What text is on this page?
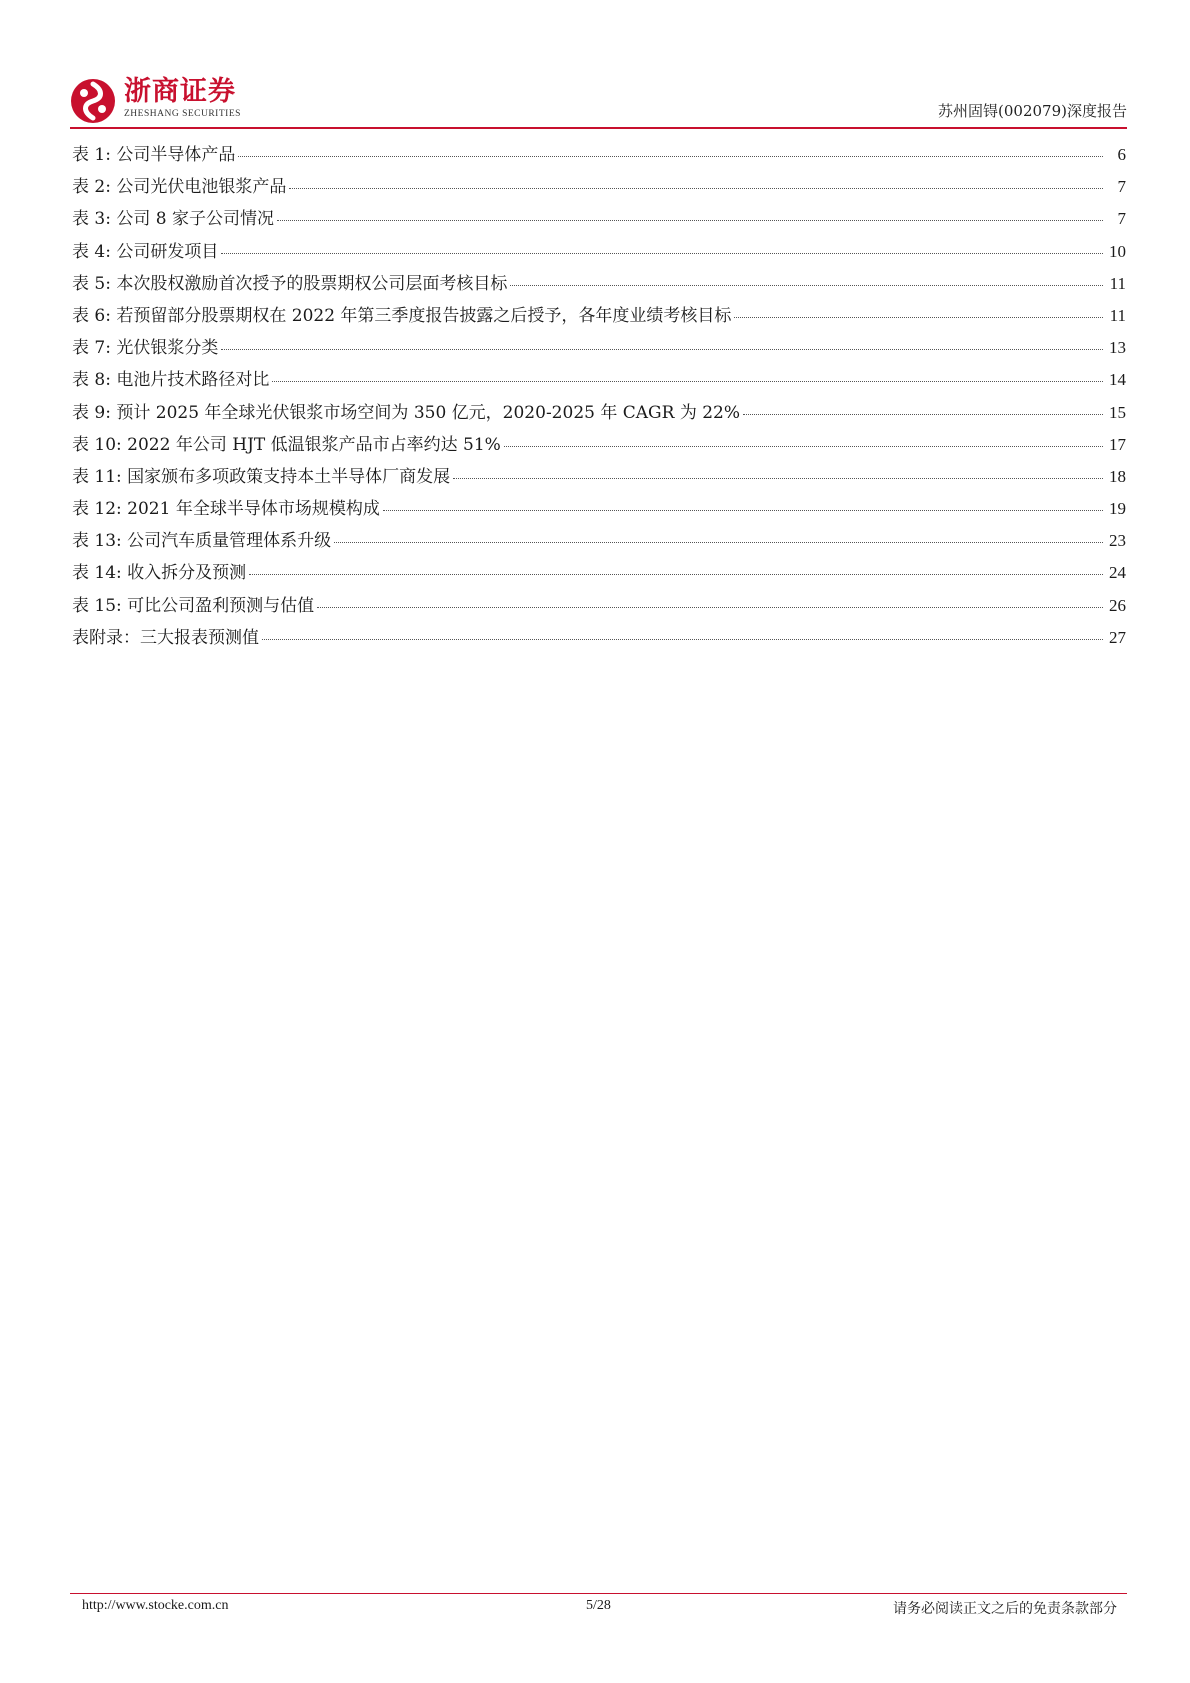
浙商证券
ZHESHANG SECURITIES	苏州固锝(002079)深度报告
表 1: 公司半导体产品	6
表 2: 公司光伏电池银浆产品	7
表 3: 公司 8 家子公司情况	7
表 4: 公司研发项目	10
表 5: 本次股权激励首次授予的股票期权公司层面考核目标	11
表 6: 若预留部分股票期权在 2022 年第三季度报告披露之后授予，各年度业绩考核目标	11
表 7: 光伏银浆分类	13
表 8: 电池片技术路径对比	14
表 9: 预计 2025 年全球光伏银浆市场空间为 350 亿元，2020-2025 年 CAGR 为 22%	15
表 10: 2022 年公司 HJT 低温银浆产品市占率约达 51%	17
表 11: 国家颁布多项政策支持本土半导体厂商发展	18
表 12: 2021 年全球半导体市场规模构成	19
表 13: 公司汽车质量管理体系升级	23
表 14: 收入拆分及预测	24
表 15: 可比公司盈利预测与估值	26
表附录：三大报表预测值	27
http://www.stocke.com.cn	5/28	请务必阅读正文之后的免责条款部分
